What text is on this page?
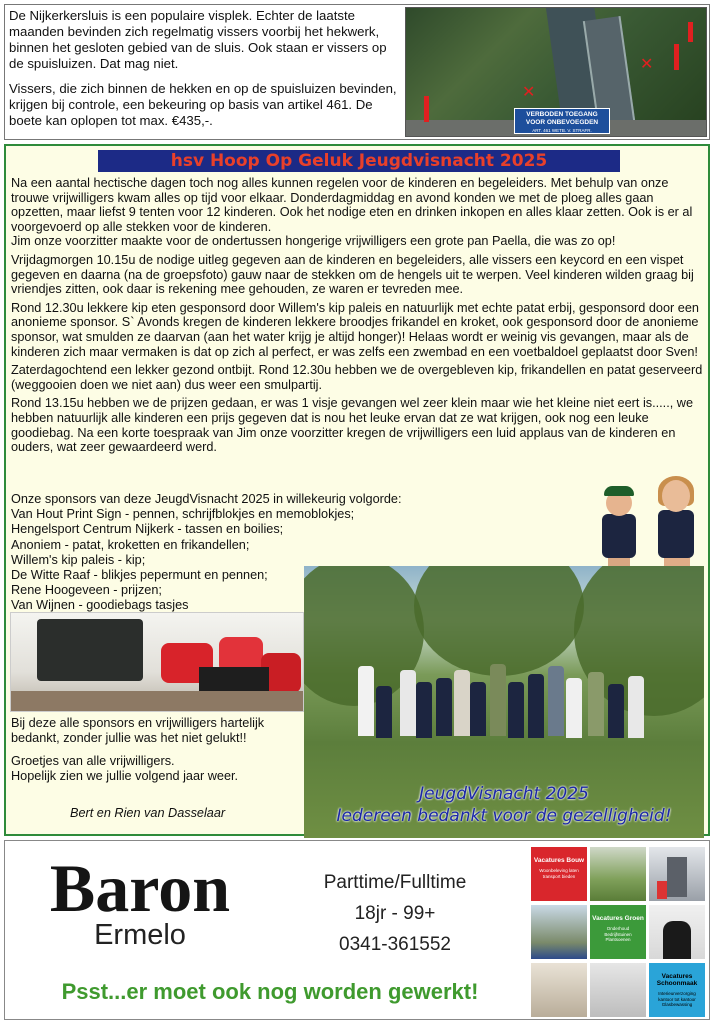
De Nijkerkersluis is een populaire visplek. Echter de laatste maanden bevinden zich regelmatig vissers voorbij het hekwerk, binnen het gesloten gebied van de sluis. Ook staan er vissers op de spuisluizen. Dat mag niet.

Vissers, die zich binnen de hekken en op de spuisluizen bevinden, krijgen bij controle, een bekeuring op basis van artikel 461. De boete kan oplopen tot max. €435,-.

✕
✕
VERBODEN TOEGANG
VOOR ONBEVOEGDEN
ART. 461 WETB. V. STRAFR.
hsv Hoop Op Geluk Jeugdvisnacht 2025

Na een aantal hectische dagen toch nog alles kunnen regelen voor de kinderen en begeleiders. Met behulp van onze trouwe vrijwilligers kwam alles op tijd voor elkaar. Donderdagmiddag en avond konden we met de ploeg alles gaan opzetten, maar liefst 9 tenten voor 12 kinderen. Ook het nodige eten en drinken inkopen en alles klaar zetten. Ook is er al voorgevoerd op alle stekken voor de kinderen.
Jim onze voorzitter maakte voor de ondertussen hongerige vrijwilligers een grote pan Paella, die was zo op!

Vrijdagmorgen 10.15u de nodige uitleg gegeven aan de kinderen en begeleiders, alle vissers een keycord en een vispet gegeven en daarna (na de groepsfoto) gauw naar de stekken om de hengels uit te werpen. Veel kinderen wilden graag bij vriendjes zitten, ook daar is rekening mee gehouden, ze waren er tevreden mee.

Rond 12.30u lekkere kip eten gesponsord door Willem's kip paleis en natuurlijk met echte patat erbij, gesponsord door een anonieme sponsor. S` Avonds kregen de kinderen lekkere broodjes frikandel en kroket, ook gesponsord door de anonieme sponsor, wat smulden ze daarvan (aan het water krijg je altijd honger)! Helaas wordt er weinig vis gevangen, maar als de kinderen zich maar vermaken is dat op zich al perfect, er was zelfs een zwembad en een voetbaldoel geplaatst door Sven!

Zaterdagochtend een lekker gezond ontbijt. Rond 12.30u hebben we de overgebleven kip, frikandellen en patat geserveerd (weggooien doen we niet aan) dus weer een smulpartij.

Rond 13.15u hebben we de prijzen gedaan, er was 1 visje gevangen wel zeer klein maar wie het kleine niet eert is....., we hebben natuurlijk alle kinderen een prijs gegeven dat is nou het leuke ervan dat ze wat krijgen, ook nog een leuke goodiebag. Na een korte toespraak van Jim onze voorzitter kregen de vrijwilligers een luid applaus van de kinderen en ouders, wat zeer gewaardeerd werd.

Onze sponsors van deze JeugdVisnacht 2025 in willekeurig volgorde:
Van Hout Print Sign - pennen, schrijfblokjes en memoblokjes;
Hengelsport Centrum Nijkerk - tassen en boilies;
Anoniem - patat, kroketten en frikandellen;
Willem's kip paleis - kip;
De Witte Raaf - blikjes pepermunt en pennen;
Rene Hoogeveen - prijzen;
Van Wijnen - goodiebags tasjes

Bij deze alle sponsors en vrijwilligers hartelijk bedankt, zonder jullie was het niet gelukt!!

Groetjes van alle vrijwilligers.
Hopelijk zien we jullie volgend jaar weer.

Bert en Rien van Dasselaar
JeugdVisnacht 2025
Iedereen bedankt voor de gezelligheid!
Baron
Ermelo
Parttime/Fulltime
18jr - 99+
0341-361552
Psst...er moet ook nog worden gewerkt!
Vacatures Bouw
Woonbeleving laten transport bieden
Vacatures Groen
Onderhoud Bedrijfstuinen Plantsoenen
Vacatures Schoonmaak
Interieurverzorging kantoor tot kantoor Glasbewassing
